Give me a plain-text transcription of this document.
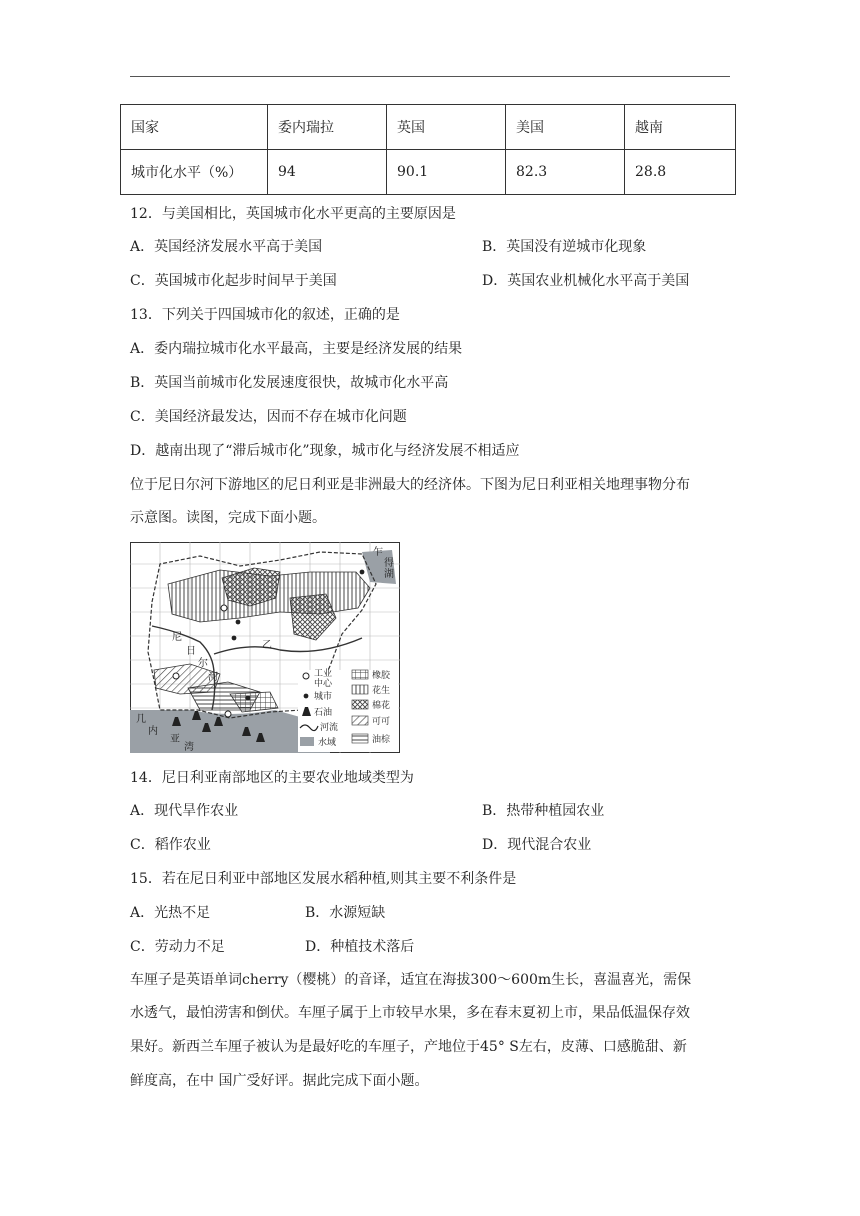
国家	委内瑞拉	英国	美国	越南
城市化水平（%）	94	90.1	82.3	28.8
12．与美国相比，英国城市化水平更高的主要原因是
A．英国经济发展水平高于美国	B．英国没有逆城市化现象
C．英国城市化起步时间早于美国	D．英国农业机械化水平高于美国
13．下列关于四国城市化的叙述，正确的是
A．委内瑞拉城市化水平最高，主要是经济发展的结果
B．英国当前城市化发展速度很快，故城市化水平高
C．美国经济最发达，因而不存在城市化问题
D．越南出现了“滞后城市化”现象，城市化与经济发展不相适应
位于尼日尔河下游地区的尼日利亚是非洲最大的经济体。下图为尼日利亚相关地理事物分布
示意图。读图，完成下面小题。
乍
得
湖
尼
日
尔
河
乙
几
内
亚
湾
工业
中心
城市
石油
河流
水域
橡胶
花生
棉花
可可
油棕
14．尼日利亚南部地区的主要农业地域类型为
A．现代旱作农业	B．热带种植园农业
C．稻作农业	D．现代混合农业
15．若在尼日利亚中部地区发展水稻种植,则其主要不利条件是
A．光热不足	B．水源短缺
C．劳动力不足	D．种植技术落后
车厘子是英语单词cherry（樱桃）的音译，适宜在海拔300～600m生长，喜温喜光，需保
水透气，最怕涝害和倒伏。车厘子属于上市较早水果，多在春末夏初上市，果品低温保存效
果好。新西兰车厘子被认为是最好吃的车厘子，产地位于45° S左右，皮薄、口感脆甜、新
鲜度高，在中 国广受好评。据此完成下面小题。
